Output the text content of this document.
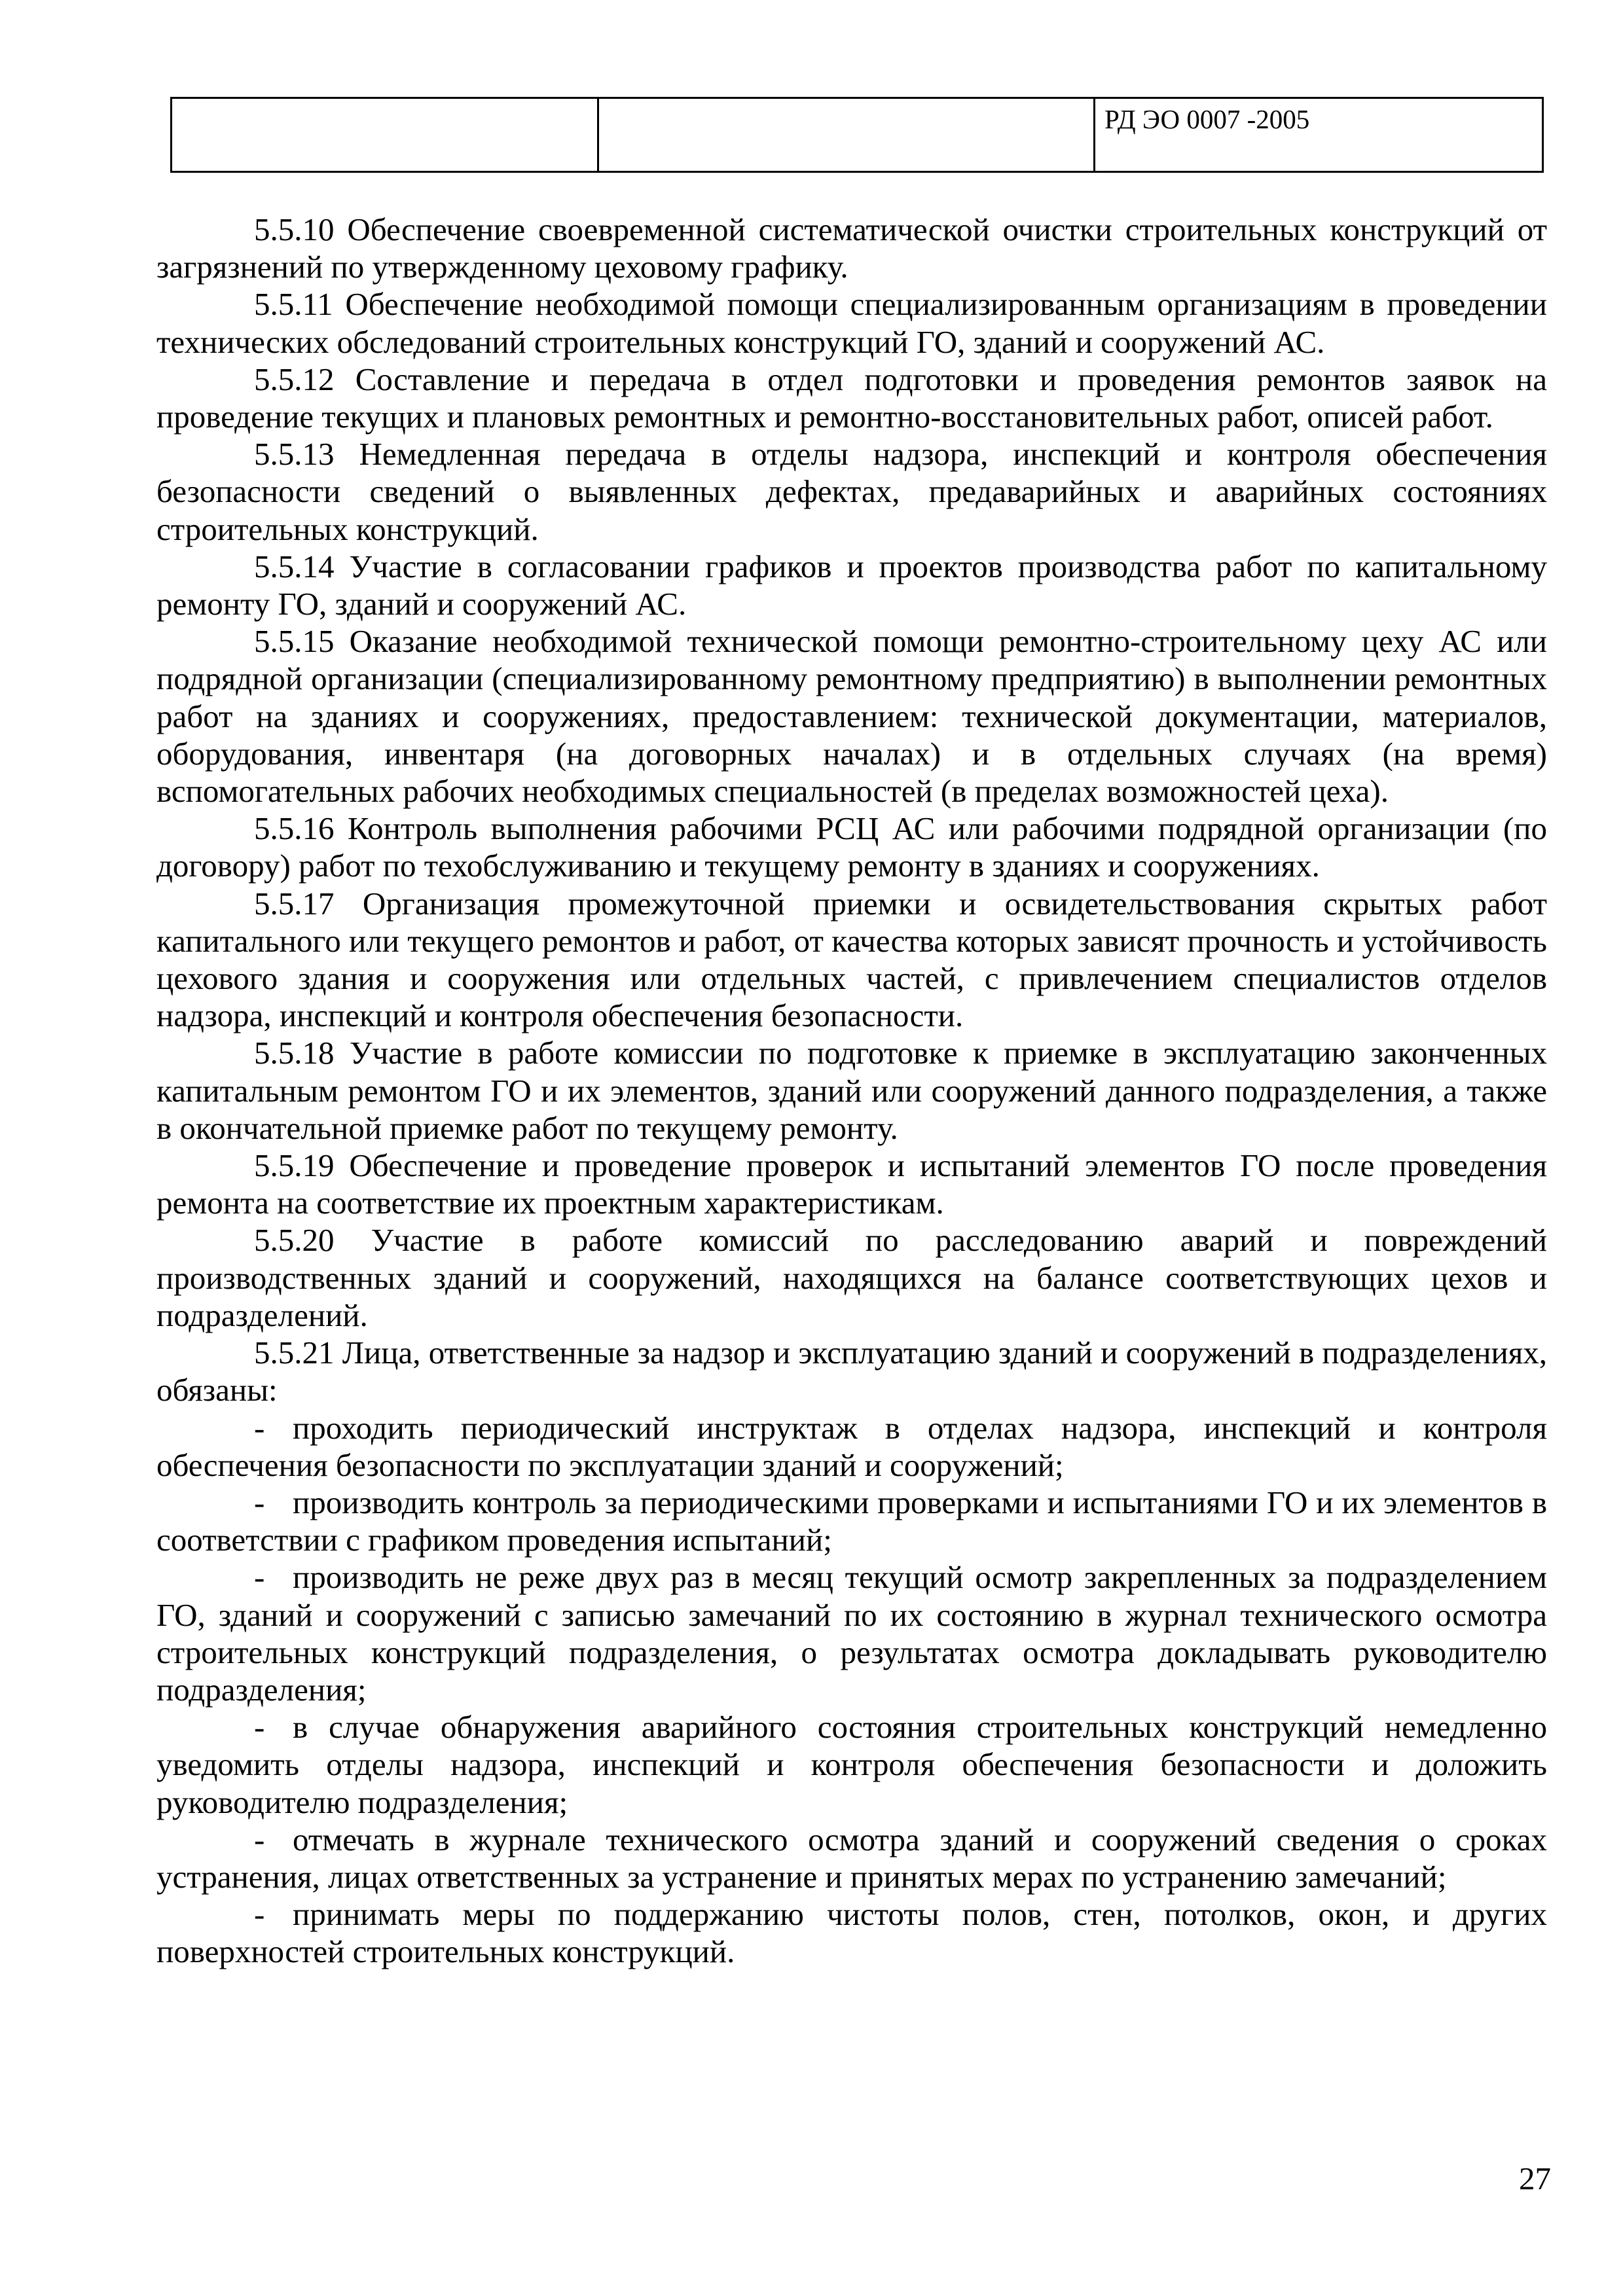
		РД ЭО 0007 -2005

5.5.10 Обеспечение своевременной систематической очистки строительных конструкций от загрязнений по утвержденному цеховому графику.

5.5.11 Обеспечение необходимой помощи специализированным организациям в проведении технических обследований строительных конструкций ГО, зданий и сооружений АС.

5.5.12 Составление и передача в отдел подготовки и проведения ремонтов заявок на проведение текущих и плановых ремонтных и ремонтно-восстановительных работ, описей работ.

5.5.13 Немедленная передача в отделы надзора, инспекций и контроля обеспечения безопасности сведений о выявленных дефектах, предаварийных и аварийных состояниях строительных конструкций.

5.5.14 Участие в согласовании графиков и проектов производства работ по капитальному ремонту ГО, зданий и сооружений АС.

5.5.15 Оказание необходимой технической помощи ремонтно-строительному цеху АС или подрядной организации (специализированному ремонтному предприятию) в выполнении ремонтных работ на зданиях и сооружениях, предоставлением: технической документации, материалов, оборудования, инвентаря (на договорных началах) и в отдельных случаях (на время) вспомогательных рабочих необходимых специальностей (в пределах возможностей цеха).

5.5.16 Контроль выполнения рабочими РСЦ АС или рабочими подрядной организации (по договору) работ по техобслуживанию и текущему ремонту в зданиях и сооружениях.

5.5.17 Организация промежуточной приемки и освидетельствования скрытых работ капитального или текущего ремонтов и работ, от качества которых зависят прочность и устойчивость цехового здания и сооружения или отдельных частей, с привлечением специалистов отделов надзора, инспекций и контроля обеспечения безопасности.

5.5.18 Участие в работе комиссии по подготовке к приемке в эксплуатацию законченных капитальным ремонтом ГО и их элементов, зданий или сооружений данного подразделения, а также в окончательной приемке работ по текущему ремонту.

5.5.19 Обеспечение и проведение проверок и испытаний элементов ГО после проведения ремонта на соответствие их проектным характеристикам.

5.5.20 Участие в работе комиссий по расследованию аварий и повреждений производственных зданий и сооружений, находящихся на балансе соответствующих цехов и подразделений.

5.5.21 Лица, ответственные за надзор и эксплуатацию зданий и сооружений в подразделениях, обязаны:

- проходить периодический инструктаж в отделах надзора, инспекций и контроля обеспечения безопасности по эксплуатации зданий и сооружений;

- производить контроль за периодическими проверками и испытаниями ГО и их элементов в соответствии с графиком проведения испытаний;

- производить не реже двух раз в месяц текущий осмотр закрепленных за подразделением ГО, зданий и сооружений с записью замечаний по их состоянию в журнал технического осмотра строительных конструкций подразделения, о результатах осмотра докладывать руководителю подразделения;

- в случае обнаружения аварийного состояния строительных конструкций немедленно уведомить отделы надзора, инспекций и контроля обеспечения безопасности и доложить руководителю подразделения;

- отмечать в журнале технического осмотра зданий и сооружений сведения о сроках устранения, лицах ответственных за устранение и принятых мерах по устранению замечаний;

- принимать меры по поддержанию чистоты полов, стен, потолков, окон, и других поверхностей строительных конструкций.

27
